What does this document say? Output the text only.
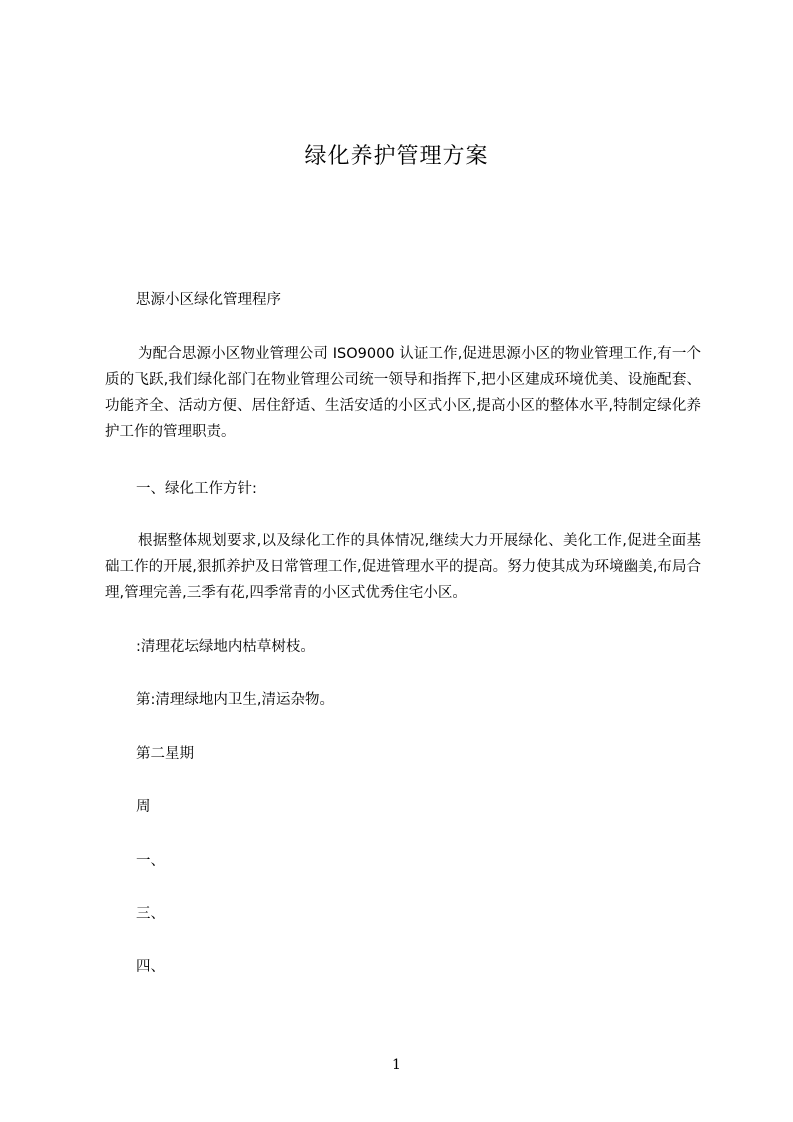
绿化养护管理方案

思源小区绿化管理程序

为配合思源小区物业管理公司 ISO9000 认证工作,促进思源小区的物业管理工作,有一个质的飞跃,我们绿化部门在物业管理公司统一领导和指挥下,把小区建成环境优美、设施配套、功能齐全、活动方便、居住舒适、生活安适的小区式小区,提高小区的整体水平,特制定绿化养护工作的管理职责。

一、绿化工作方针:

根据整体规划要求,以及绿化工作的具体情况,继续大力开展绿化、美化工作,促进全面基础工作的开展,狠抓养护及日常管理工作,促进管理水平的提高。努力使其成为环境幽美,布局合理,管理完善,三季有花,四季常青的小区式优秀住宅小区。

:清理花坛绿地内枯草树枝。

第:清理绿地内卫生,清运杂物。

第二星期

周

一、

三、

四、

1
